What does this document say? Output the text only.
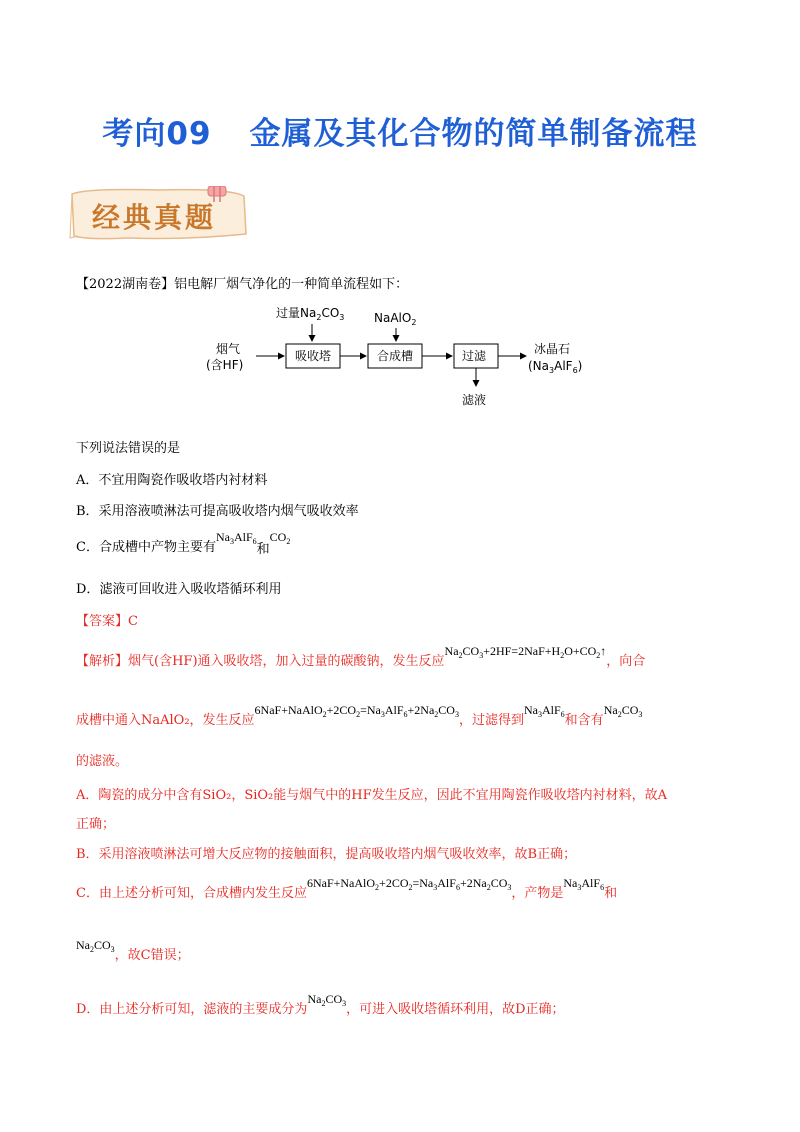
考向09 金属及其化合物的简单制备流程
经典真题
【2022湖南卷】铝电解厂烟气净化的一种简单流程如下：
过量$Na_2CO_3$ NaAlO$_2$
烟气
(含HF)
吸收塔	合成槽	过滤	冰晶石
$(Na_3AlF_6)$
滤液
下列说法错误的是
A．不宜用陶瓷作吸收塔内衬材料
B．采用溶液喷淋法可提高吸收塔内烟气吸收效率
C．合成槽中产物主要有$Na_3AlF_6$和$CO_2$
D．滤液可回收进入吸收塔循环利用
【答案】C
【解析】烟气(含HF)通入吸收塔，加入过量的碳酸钠，发生反应$Na_2CO_3+2HF=2NaF+H_2O+CO_2↑$，向合
成槽中通入NaAlO₂，发生反应$6NaF+NaAlO_2+2CO_2=Na_3AlF_6+2Na_2CO_3$，过滤得到$Na_3AlF_6$和含有$Na_2CO_3$
的滤液。
A．陶瓷的成分中含有SiO₂，SiO₂能与烟气中的HF发生反应，因此不宜用陶瓷作吸收塔内衬材料，故A
正确；
B．采用溶液喷淋法可增大反应物的接触面积，提高吸收塔内烟气吸收效率，故B正确；
C．由上述分析可知，合成槽内发生反应$6NaF+NaAlO_2+2CO_2=Na_3AlF_6+2Na_2CO_3$，产物是$Na_3AlF_6$和
$Na_2CO_3$，故C错误；
D．由上述分析可知，滤液的主要成分为$Na_2CO_3$，可进入吸收塔循环利用，故D正确；
